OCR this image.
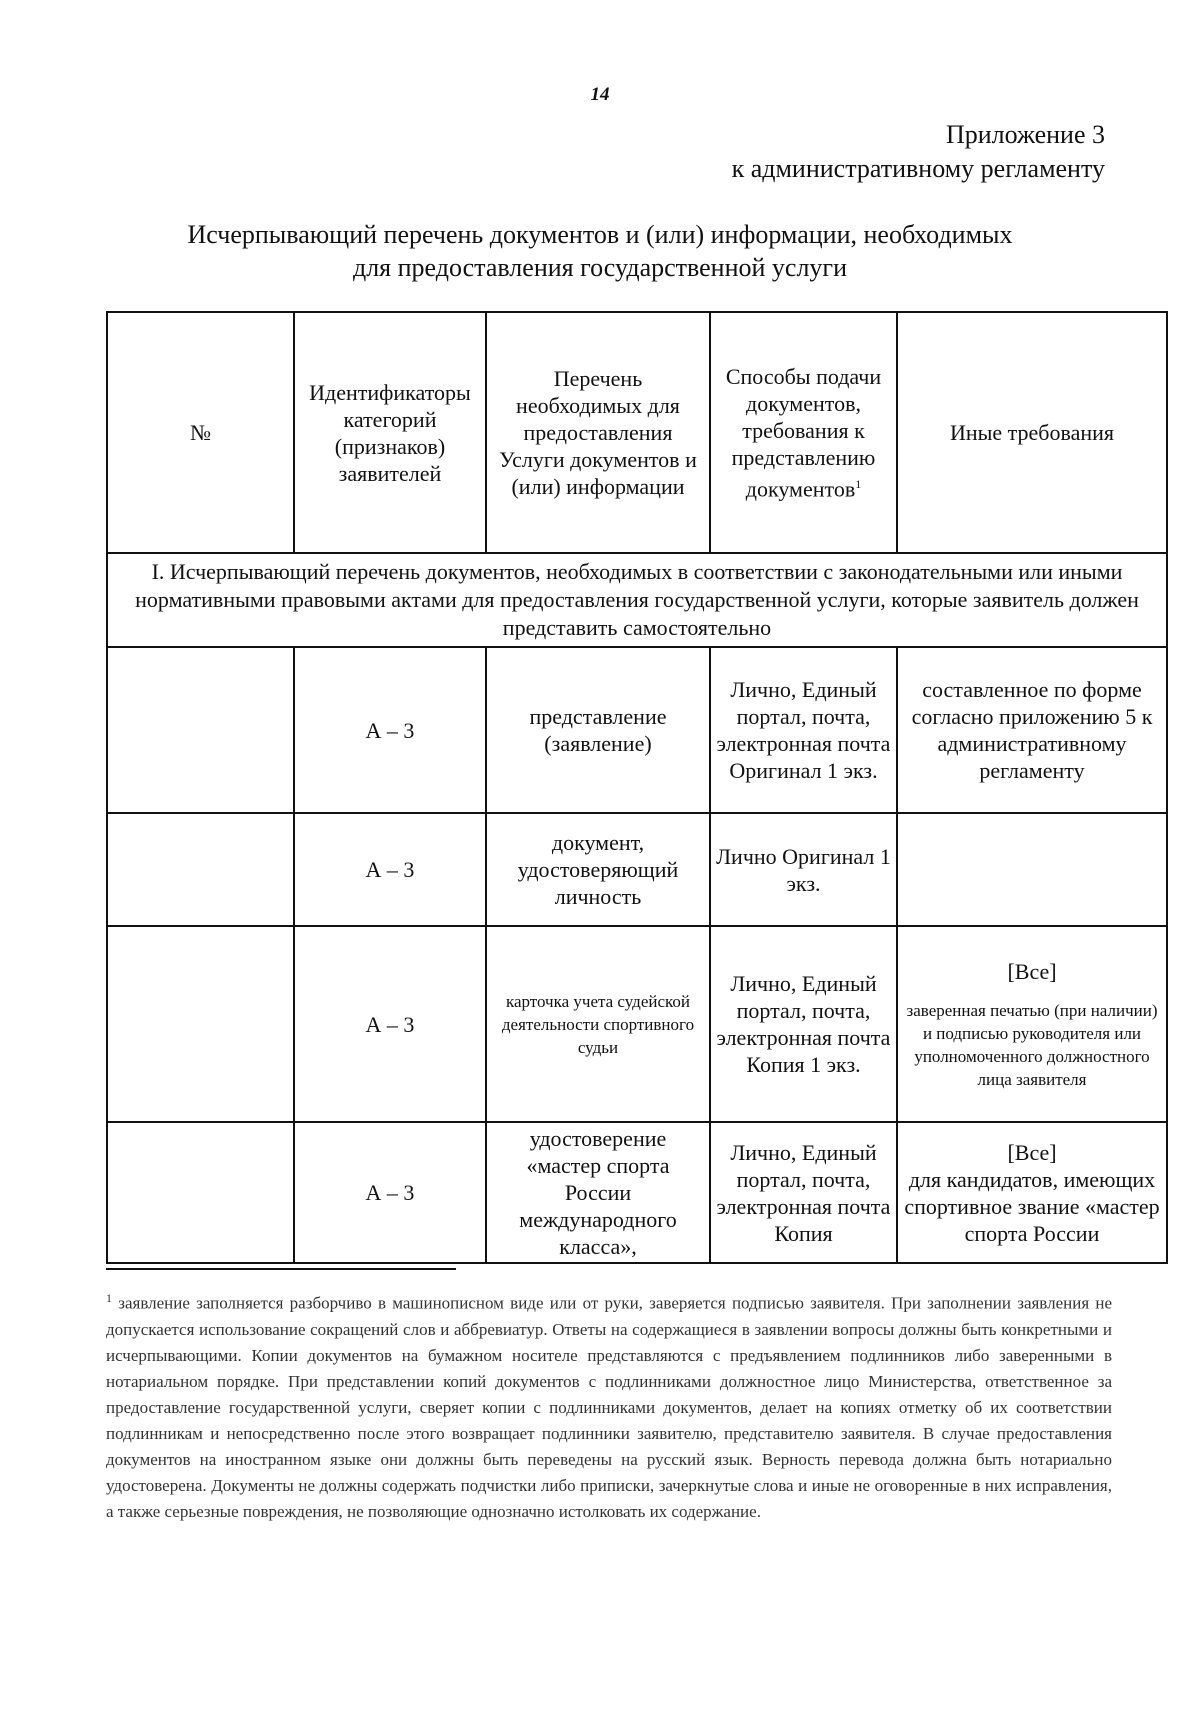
14
Приложение 3
к административному регламенту
Исчерпывающий перечень документов и (или) информации, необходимых
для предоставления государственной услуги
№	Идентификаторы категорий (признаков) заявителей	Перечень необходимых для предоставления Услуги документов и (или) информации	Способы подачи документов, требования к представлению документов$^1$	Иные требования
I. Исчерпывающий перечень документов, необходимых в соответствии с законодательными или иными нормативными правовыми актами для предоставления государственной услуги, которые заявитель должен представить самостоятельно				
	А – 3	представление (заявление)	Лично, Единый портал, почта, электронная почта Оригинал 1 экз.	составленное по форме согласно приложению 5 к административному регламенту
	А – 3	документ, удостоверяющий личность	Лично Оригинал 1 экз.	
	А – 3	карточка учета судейской деятельности спортивного судьи	Лично, Единый портал, почта, электронная почта Копия 1 экз.	[Все]
заверенная печатью (при наличии) и подписью руководителя или уполномоченного должностного лица заявителя

	А – 3	удостоверение «мастер спорта России международного класса»,	Лично, Единый портал, почта, электронная почта Копия	[Все]
для кандидатов, имеющих спортивное звание «мастер спорта России
$^1$ заявление заполняется разборчиво в машинописном виде или от руки, заверяется подписью заявителя. При заполнении заявления не допускается использование сокращений слов и аббревиатур. Ответы на содержащиеся в заявлении вопросы должны быть конкретными и исчерпывающими. Копии документов на бумажном носителе представляются с предъявлением подлинников либо заверенными в нотариальном порядке. При представлении копий документов с подлинниками должностное лицо Министерства, ответственное за предоставление государственной услуги, сверяет копии с подлинниками документов, делает на копиях отметку об их соответствии подлинникам и непосредственно после этого возвращает подлинники заявителю, представителю заявителя. В случае предоставления документов на иностранном языке они должны быть переведены на русский язык. Верность перевода должна быть нотариально удостоверена. Документы не должны содержать подчистки либо приписки, зачеркнутые слова и иные не оговоренные в них исправления, а также серьезные повреждения, не позволяющие однозначно истолковать их содержание.
